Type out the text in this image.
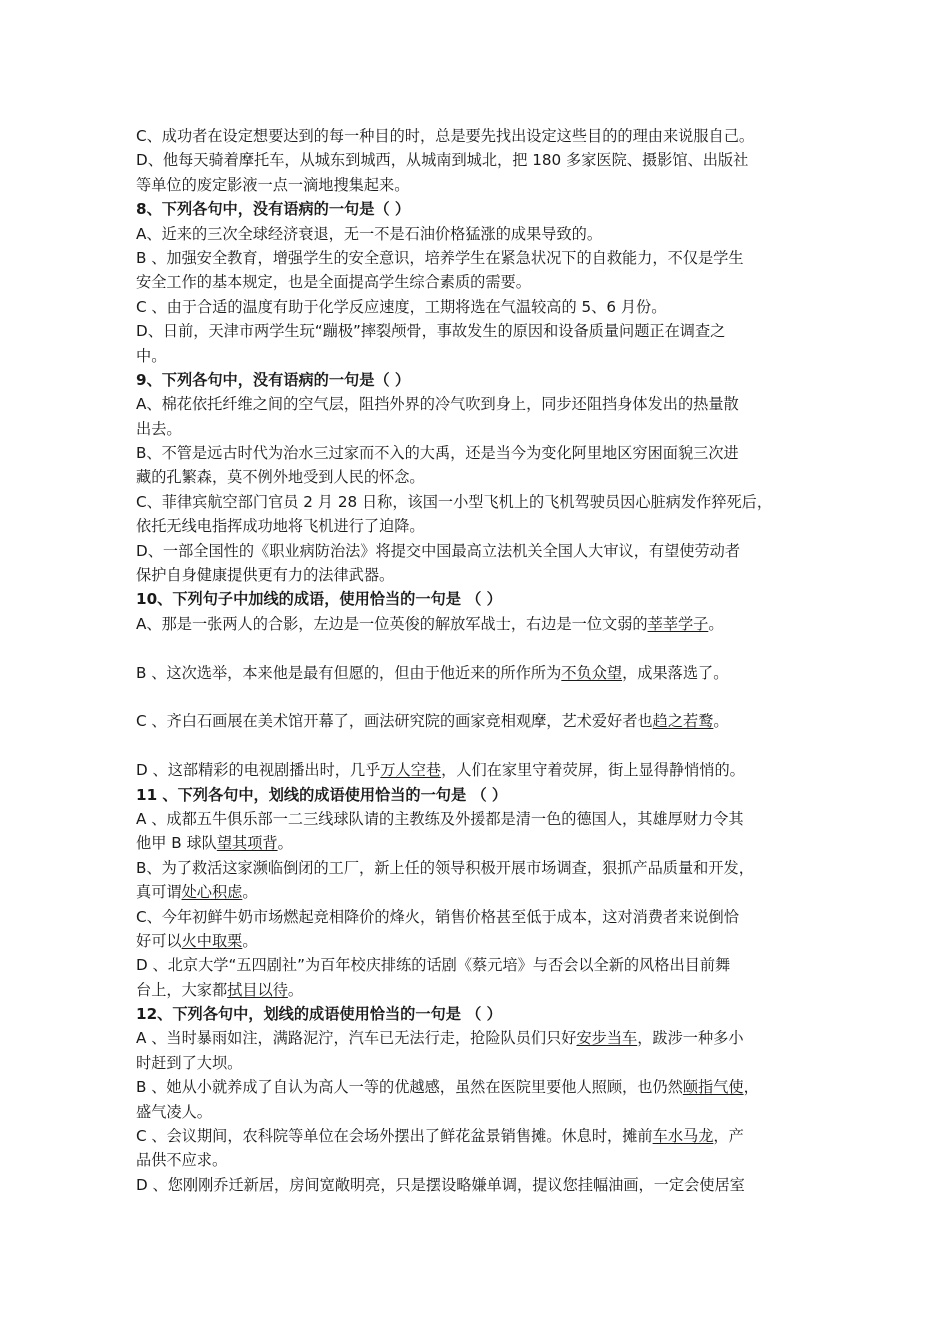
C、成功者在设定想要达到的每一种目的时，总是要先找出设定这些目的的理由来说服自己。
D、他每天骑着摩托车，从城东到城西，从城南到城北，把 180 多家医院、摄影馆、出版社
等单位的废定影液一点一滴地搜集起来。
8、下列各句中，没有语病的一句是（ ）
A、近来的三次全球经济衰退，无一不是石油价格猛涨的成果导致的。
B 、加强安全教育，增强学生的安全意识，培养学生在紧急状况下的自救能力，不仅是学生
安全工作的基本规定，也是全面提高学生综合素质的需要。
C 、由于合适的温度有助于化学反应速度，工期将选在气温较高的 5、6 月份。
D、日前，天津市两学生玩“蹦极”摔裂颅骨，事故发生的原因和设备质量问题正在调查之
中。
9、下列各句中，没有语病的一句是（ ）
A、棉花依托纤维之间的空气层，阻挡外界的冷气吹到身上，同步还阻挡身体发出的热量散
出去。
B、不管是远古时代为治水三过家而不入的大禹，还是当今为变化阿里地区穷困面貌三次进
藏的孔繁森，莫不例外地受到人民的怀念。
C、菲律宾航空部门官员 2 月 28 日称，该国一小型飞机上的飞机驾驶员因心脏病发作猝死后，
依托无线电指挥成功地将飞机进行了迫降。
D、一部全国性的《职业病防治法》将提交中国最高立法机关全国人大审议，有望使劳动者
保护自身健康提供更有力的法律武器。
10、下列句子中加线的成语，使用恰当的一句是 （ ）
A、那是一张两人的合影，左边是一位英俊的解放军战士，右边是一位文弱的莘莘学子。
B 、这次选举，本来他是最有但愿的，但由于他近来的所作所为不负众望，成果落选了。
C 、齐白石画展在美术馆开幕了，画法研究院的画家竞相观摩，艺术爱好者也趋之若鹜。
D 、这部精彩的电视剧播出时，几乎万人空巷，人们在家里守着荧屏，街上显得静悄悄的。
11 、下列各句中，划线的成语使用恰当的一句是 （ ）
A 、成都五牛俱乐部一二三线球队请的主教练及外援都是清一色的德国人，其雄厚财力令其
他甲 B 球队望其项背。
B、为了救活这家濒临倒闭的工厂，新上任的领导积极开展市场调查，狠抓产品质量和开发，
真可谓处心积虑。
C、今年初鲜牛奶市场燃起竞相降价的烽火，销售价格甚至低于成本，这对消费者来说倒恰
好可以火中取栗。
D 、北京大学“五四剧社”为百年校庆排练的话剧《蔡元培》与否会以全新的风格出目前舞
台上，大家都拭目以待。
12、下列各句中，划线的成语使用恰当的一句是 （ ）
A 、当时暴雨如注，满路泥泞，汽车已无法行走，抢险队员们只好安步当车，跋涉一种多小
时赶到了大坝。
B 、她从小就养成了自认为高人一等的优越感，虽然在医院里要他人照顾，也仍然颐指气使，
盛气凌人。
C 、会议期间，农科院等单位在会场外摆出了鲜花盆景销售摊。休息时，摊前车水马龙，产
品供不应求。
D 、您刚刚乔迁新居，房间宽敞明亮，只是摆设略嫌单调，提议您挂幅油画，一定会使居室
